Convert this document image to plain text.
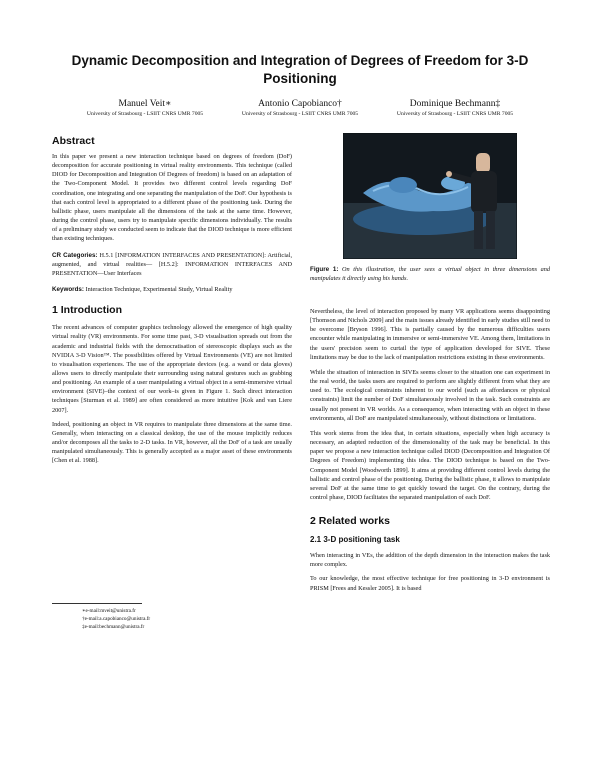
Dynamic Decomposition and Integration of Degrees of Freedom for 3-D Positioning
Manuel Veit∗
University of Strasbourg - LSIIT CNRS UMR 7005
Antonio Capobianco†
University of Strasbourg - LSIIT CNRS UMR 7005
Dominique Bechmann‡
University of Strasbourg - LSIIT CNRS UMR 7005
Abstract

In this paper we present a new interaction technique based on degrees of freedom (DoF) decomposition for accurate positioning in virtual reality environments. This technique (called DIOD for Decomposition and Integration Of Degrees of freedom) is based on an adaptation of the Two-Component Model. It provides two different control levels regarding DoF coordination, one integrating and one separating the manipulation of the DoF. Our hypothesis is that each control level is appropriated to a different phase of the positioning task. During the ballistic phase, users manipulate all the dimensions of the task at the same time. However, during the control phase, users try to manipulate specific dimensions individually. The results of a preliminary study we conducted seem to indicate that the DIOD technique is more efficient than existing techniques.

CR Categories: H.5.1 [INFORMATION INTERFACES AND PRESENTATION]: Artificial, augmented, and virtual realities— [H.5.2]: INFORMATION INTERFACES AND PRESENTATION—User Interfaces

Keywords: Interaction Technique, Experimental Study, Virtual Reality

1 Introduction

The recent advances of computer graphics technology allowed the emergence of high quality virtual reality (VR) environments. For some time past, 3-D visualisation spreads out from the academic and industrial fields with the democratisation of stereoscopic displays such as the NVIDIA 3-D Vision™. The possibilities offered by Virtual Environments (VE) are not limited to visualisation experiences. The use of the appropriate devices (e.g. a wand or data gloves) allows users to directly manipulate their surrounding using natural gestures such as grabbing and positioning. An example of a user manipulating a virtual object in a semi-immersive virtual environment (SIVE)–the context of our work–is given in Figure 1. Such direct interaction techniques [Sturman et al. 1989] are often considered as more intuitive [Kok and van Liere 2007].

Indeed, positioning an object in VR requires to manipulate three dimensions at the same time. Generally, when interacting on a classical desktop, the use of the mouse implicitly reduces and/or decomposes all the tasks to 2-D tasks. In VR, however, all the DoF of a task are usually manipulated simultaneously. This is generally accepted as a major asset of these environments [Chen et al. 1988].

∗e-mail:mveit@unistra.fr
†e-mail:a.capobianco@unistra.fr
‡e-mail:bechmann@unistra.fr
Figure 1: On this illustration, the user sees a virtual object in three dimensions and manipulates it directly using his hands.

Nevertheless, the level of interaction proposed by many VR applications seems disappointing [Thomson and Nichols 2009] and the main issues already identified in early studies still need to be overcome [Bryson 1996]. This is partially caused by the numerous difficulties users encounter while manipulating in immersive or semi-immersive VE. Among them, limitations in the users' precision seem to curtail the type of application developed for SIVE. These limitations may be due to the lack of manipulation restrictions existing in these environments.

While the situation of interaction in SIVEs seems closer to the situation one can experiment in the real world, the tasks users are required to perform are slightly different from what they are used to. The ecological constraints inherent to our world (such as affordances or physical constraints) limit the number of DoF simultaneously involved in the task. Such constraints are usually not present in VR worlds. As a consequence, when interacting with an object in these environments, all DoF are manipulated simultaneously, without distinctions or limitations.

This work stems from the idea that, in certain situations, especially when high accuracy is necessary, an adapted reduction of the dimensionality of the task may be beneficial. In this paper we propose a new interaction technique called DIOD (Decomposition and Integration Of Degrees of Freedom) implementing this idea. The DIOD technique is based on the Two-Component Model [Woodworth 1899]. It aims at providing different control levels during the ballistic and control phase of the positioning. During the ballistic phase, it allows to manipulate several DoF at the same time to get quickly toward the target. On the contrary, during the control phase, DIOD facilitates the separated manipulation of each DoF.

2 Related works
2.1 3-D positioning task

When interacting in VEs, the addition of the depth dimension in the interaction makes the task more complex.

To our knowledge, the most effective technique for free positioning in 3-D environment is PRISM [Frees and Kessler 2005]. It is based
